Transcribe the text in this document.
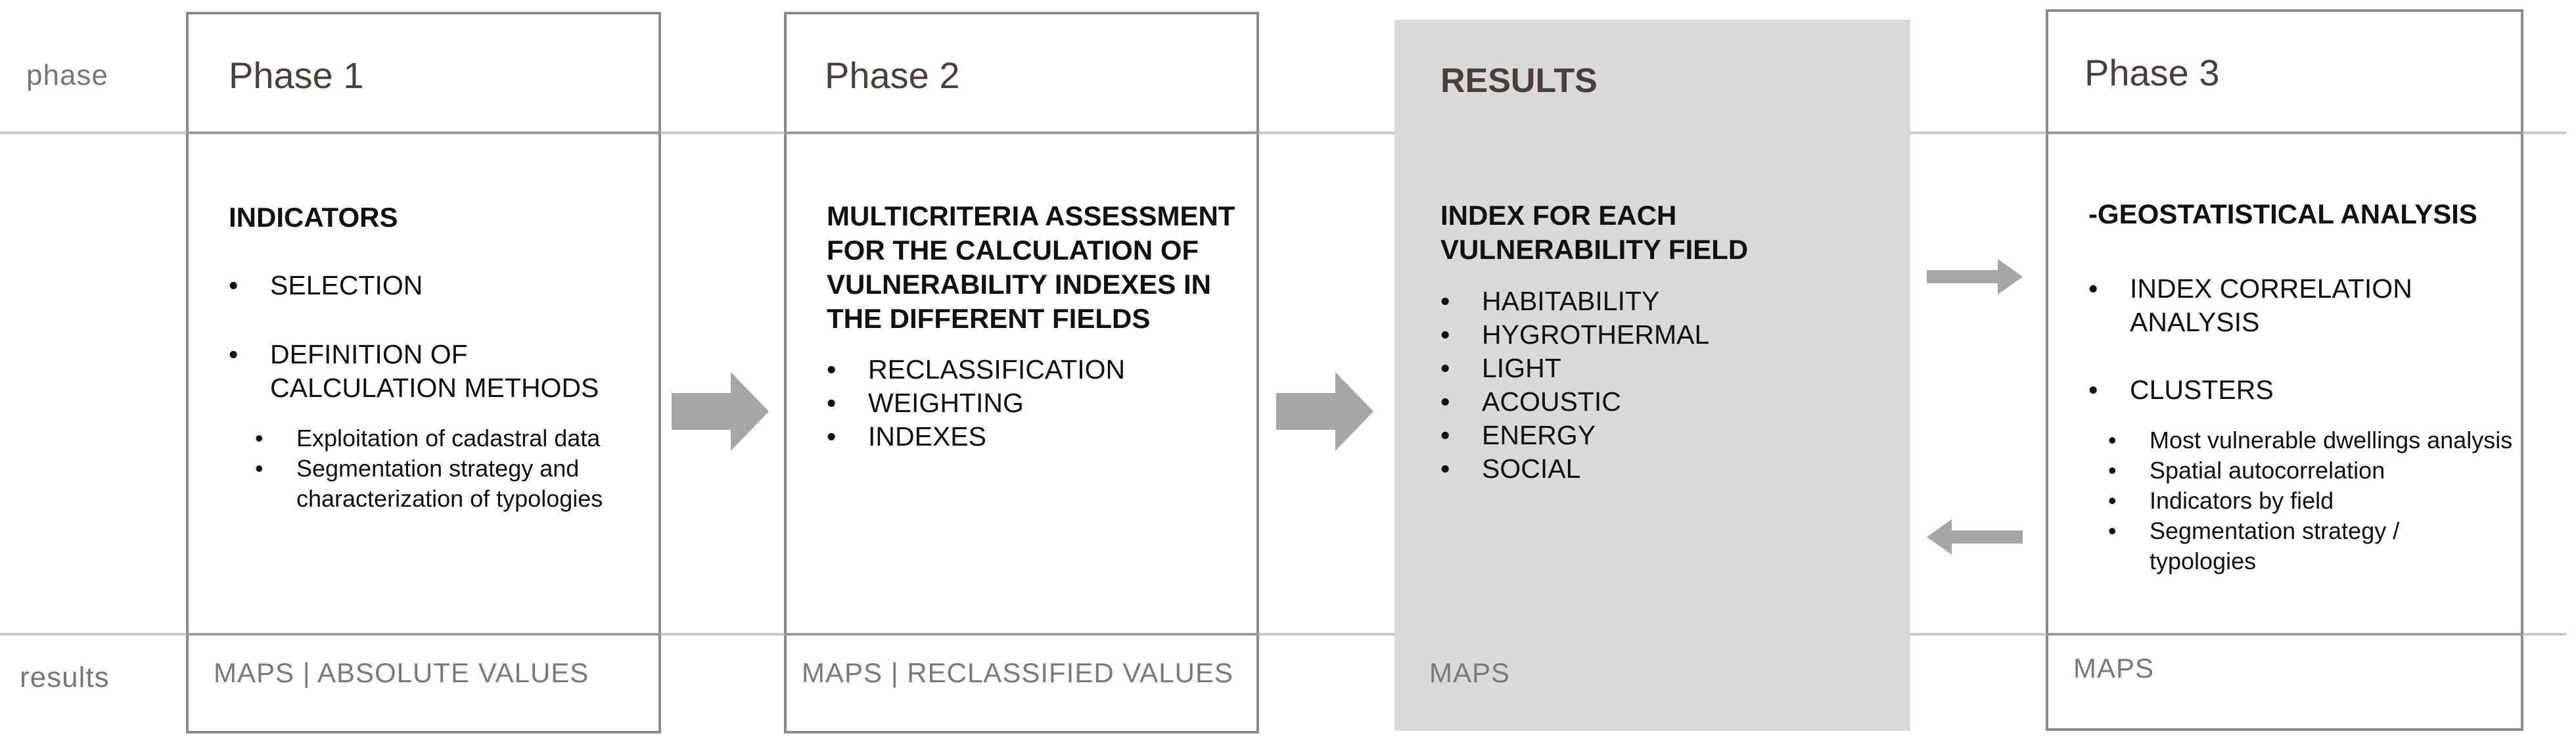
phase
results
Phase 1
INDICATORS
• SELECTION
• DEFINITION OF CALCULATION METHODS
• Exploitation of cadastral data
• Segmentation strategy and characterization of typologies
MAPS | ABSOLUTE VALUES
Phase 2
MULTICRITERIA ASSESSMENT FOR THE CALCULATION OF VULNERABILITY INDEXES IN THE DIFFERENT FIELDS
• RECLASSIFICATION
• WEIGHTING
• INDEXES
MAPS | RECLASSIFIED VALUES
RESULTS
INDEX FOR EACH VULNERABILITY FIELD
• HABITABILITY
• HYGROTHERMAL
• LIGHT
• ACOUSTIC
• ENERGY
• SOCIAL
MAPS
Phase 3
-GEOSTATISTICAL ANALYSIS
• INDEX CORRELATION ANALYSIS
• CLUSTERS
• Most vulnerable dwellings analysis
• Spatial autocorrelation
• Indicators by field
• Segmentation strategy / typologies
MAPS
